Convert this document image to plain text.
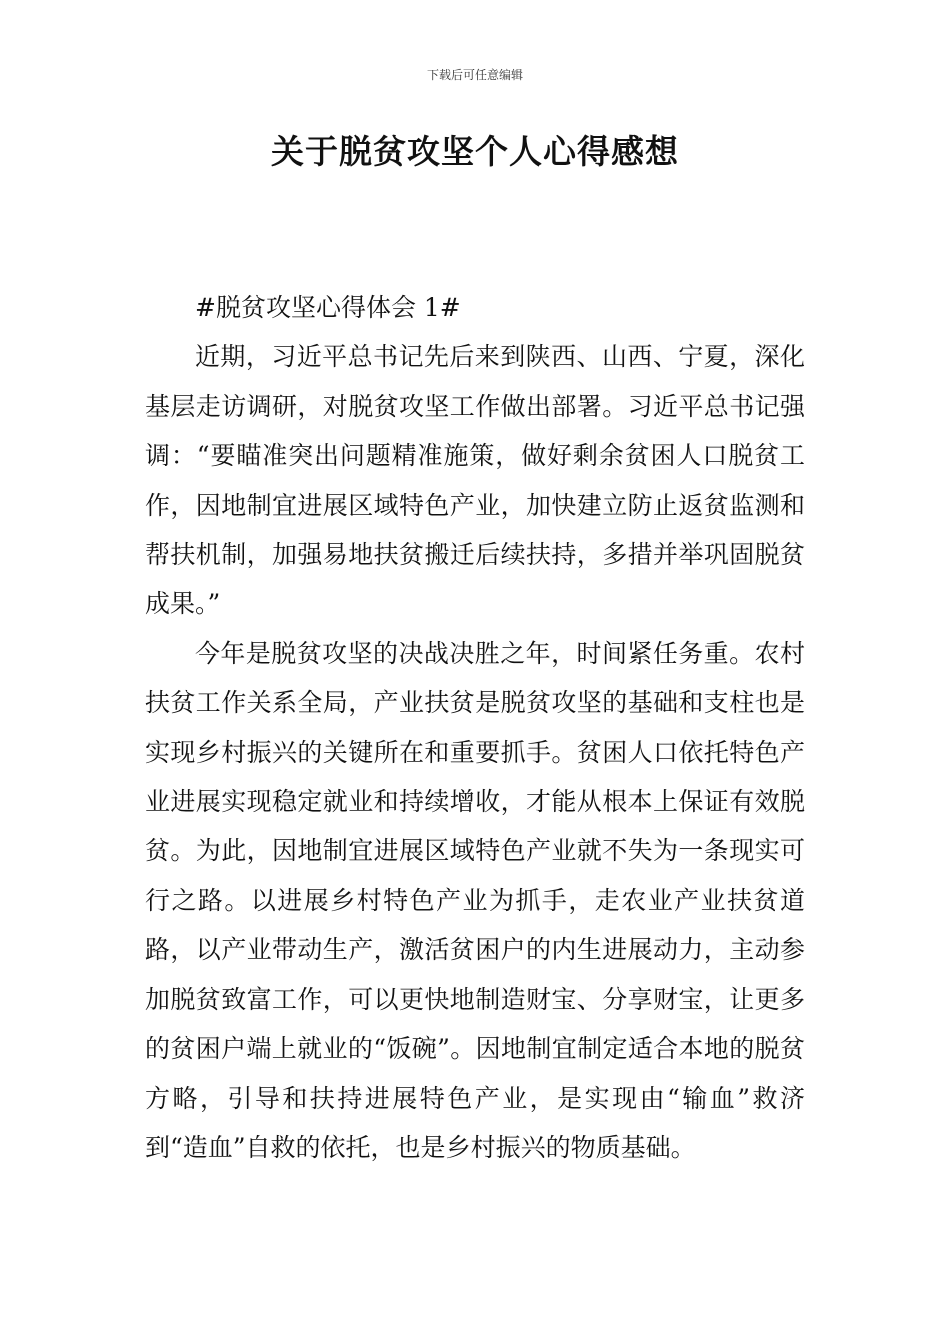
下载后可任意编辑
关于脱贫攻坚个人心得感想

#脱贫攻坚心得体会 1#

近期，习近平总书记先后来到陕西、山西、宁夏，深化基层走访调研，对脱贫攻坚工作做出部署。习近平总书记强调：“要瞄准突出问题精准施策，做好剩余贫困人口脱贫工作，因地制宜进展区域特色产业，加快建立防止返贫监测和帮扶机制，加强易地扶贫搬迁后续扶持，多措并举巩固脱贫成果。”

今年是脱贫攻坚的决战决胜之年，时间紧任务重。农村扶贫工作关系全局，产业扶贫是脱贫攻坚的基础和支柱也是实现乡村振兴的关键所在和重要抓手。贫困人口依托特色产业进展实现稳定就业和持续增收，才能从根本上保证有效脱贫。为此，因地制宜进展区域特色产业就不失为一条现实可行之路。以进展乡村特色产业为抓手，走农业产业扶贫道路，以产业带动生产，激活贫困户的内生进展动力，主动参加脱贫致富工作，可以更快地制造财宝、分享财宝，让更多的贫困户端上就业的“饭碗”。因地制宜制定适合本地的脱贫方略，引导和扶持进展特色产业，是实现由“输血”救济到“造血”自救的依托，也是乡村振兴的物质基础。
